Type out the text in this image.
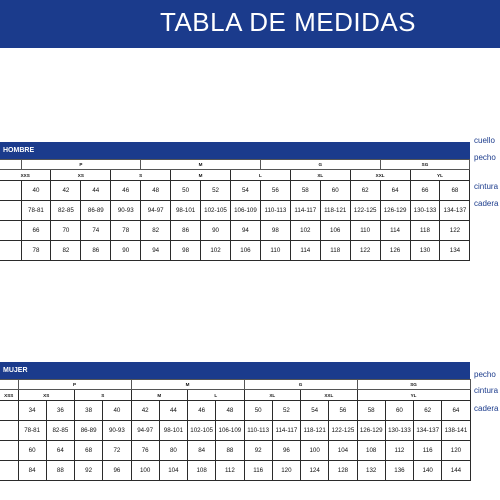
TABLA DE MEDIDAS
HOMBRE
	P				M				G				SG		
XXS		XS		S		M		L		XL		XXL		YL	
	40	42	44	46	48	50	52	54	56	58	60	62	64	66	68
	78-81	82-85	86-89	90-93	94-97	98-101	102-105	106-109	110-113	114-117	118-121	122-125	126-129	130-133	134-137
	66	70	74	78	82	86	90	94	98	102	106	110	114	118	122
	78	82	86	90	94	98	102	106	110	114	118	122	126	130	134
cuello
pecho
cintura
cadera
MUJER
	P				M				G				SG			
XSS	XS		S		M		L		XL		XXL		YL			
	34	36	38	40	42	44	46	48	50	52	54	56	58	60	62	64
	78-81	82-85	86-89	90-93	94-97	98-101	102-105	106-109	110-113	114-117	118-121	122-125	126-129	130-133	134-137	138-141
	60	64	68	72	76	80	84	88	92	96	100	104	108	112	116	120
	84	88	92	96	100	104	108	112	116	120	124	128	132	136	140	144
pecho
cintura
cadera
